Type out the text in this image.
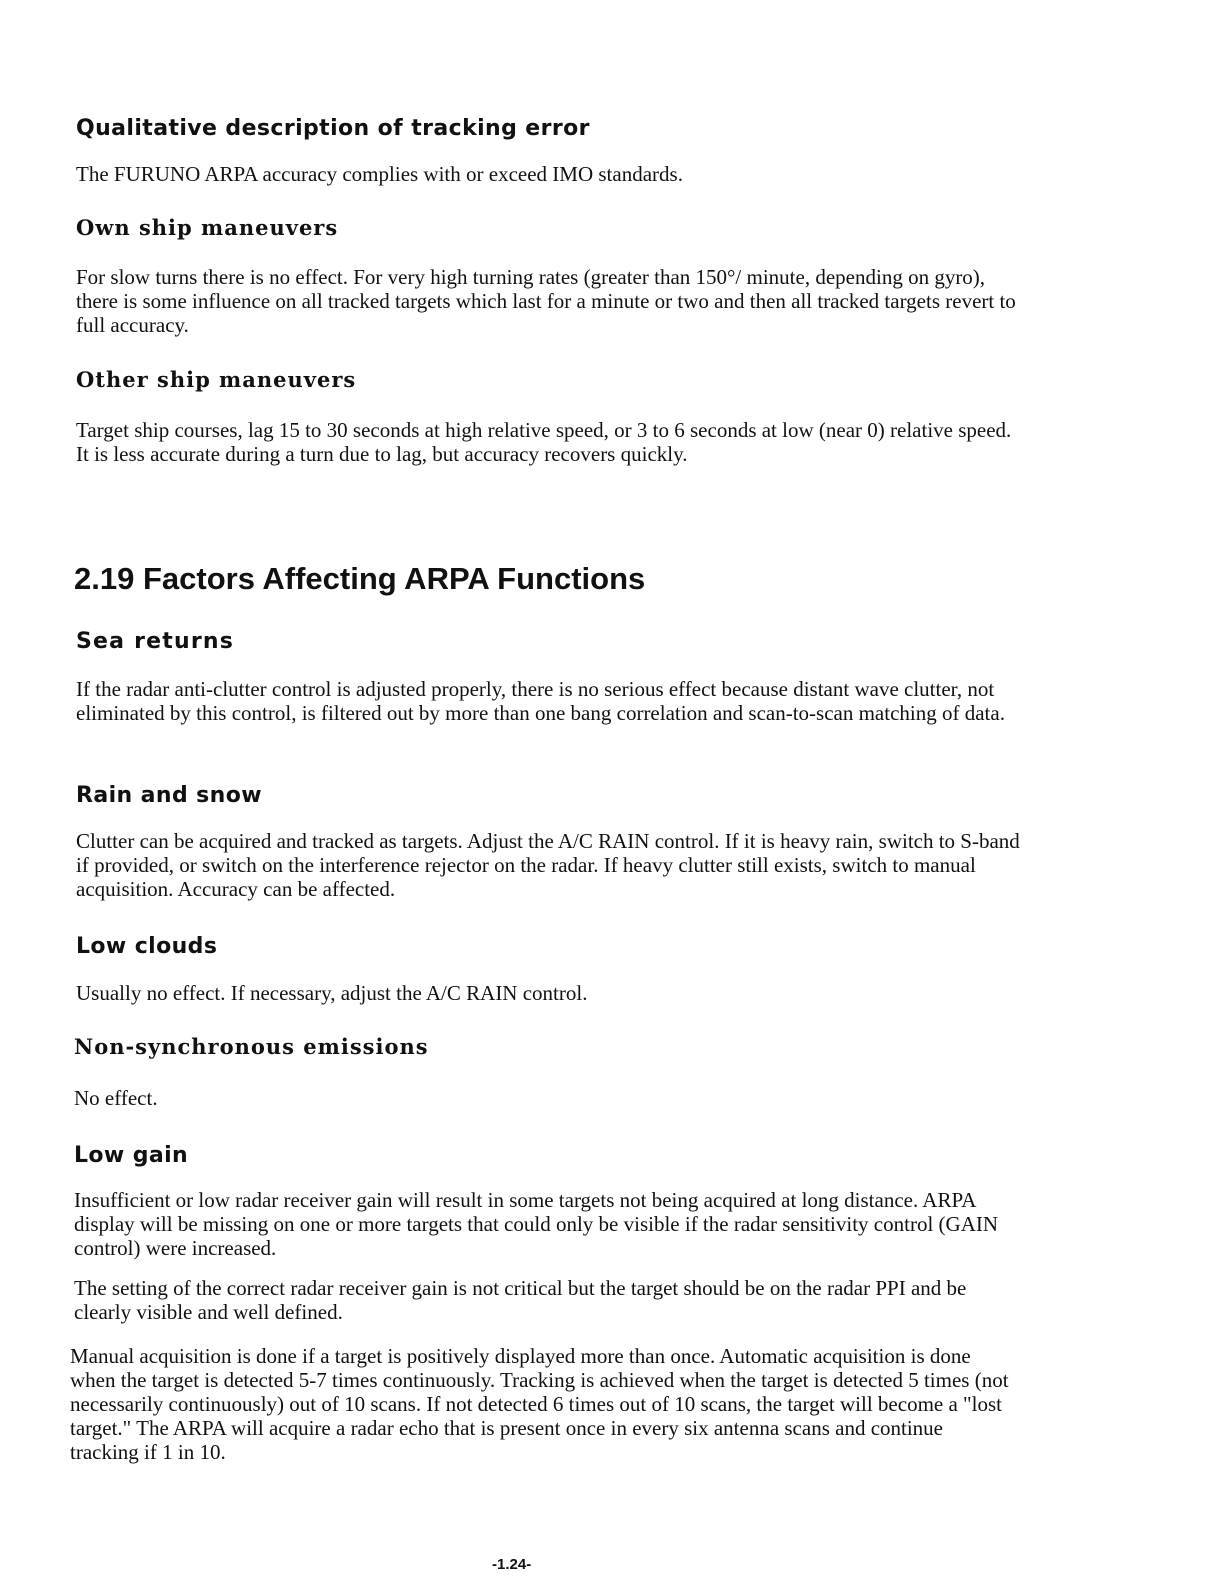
Qualitative description of tracking error

The FURUNO ARPA accuracy complies with or exceed IMO standards.

Own ship maneuvers

For slow turns there is no effect. For very high turning rates (greater than 150°/ minute, depending on gyro), there is some influence on all tracked targets which last for a minute or two and then all tracked targets revert to full accuracy.

Other ship maneuvers

Target ship courses, lag 15 to 30 seconds at high relative speed, or 3 to 6 seconds at low (near 0) relative speed. It is less accurate during a turn due to lag, but accuracy recovers quickly.

2.19 Factors Affecting ARPA Functions
Sea returns

If the radar anti-clutter control is adjusted properly, there is no serious effect because distant wave clutter, not eliminated by this control, is filtered out by more than one bang correlation and scan-to-scan matching of data.

Rain and snow

Clutter can be acquired and tracked as targets. Adjust the A/C RAIN control. If it is heavy rain, switch to S-band if provided, or switch on the interference rejector on the radar. If heavy clutter still exists, switch to manual acquisition. Accuracy can be affected.

Low clouds

Usually no effect. If necessary, adjust the A/C RAIN control.

Non-synchronous emissions

No effect.

Low gain

Insufficient or low radar receiver gain will result in some targets not being acquired at long distance. ARPA display will be missing on one or more targets that could only be visible if the radar sensitivity control (GAIN control) were increased.

The setting of the correct radar receiver gain is not critical but the target should be on the radar PPI and be clearly visible and well defined.

Manual acquisition is done if a target is positively displayed more than once. Automatic acquisition is done when the target is detected 5-7 times continuously. Tracking is achieved when the target is detected 5 times (not necessarily continuously) out of 10 scans. If not detected 6 times out of 10 scans, the target will become a "lost target." The ARPA will acquire a radar echo that is present once in every six antenna scans and continue tracking if 1 in 10.

-1.24-
